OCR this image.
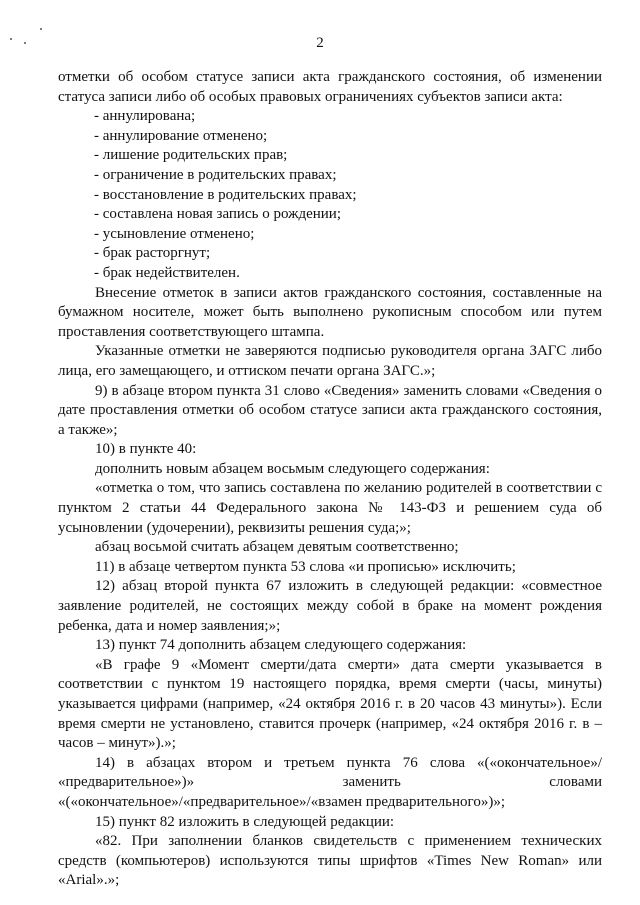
2

отметки об особом статусе записи акта гражданского состояния, об изменении статуса записи либо об особых правовых ограничениях субъектов записи акта:

- аннулирована;

- аннулирование отменено;

- лишение родительских прав;

- ограничение в родительских правах;

- восстановление в родительских правах;

- составлена новая запись о рождении;

- усыновление отменено;

- брак расторгнут;

- брак недействителен.

Внесение отметок в записи актов гражданского состояния, составленные на бумажном носителе, может быть выполнено рукописным способом или путем проставления соответствующего штампа.

Указанные отметки не заверяются подписью руководителя органа ЗАГС либо лица, его замещающего, и оттиском печати органа ЗАГС.»;

9) в абзаце втором пункта 31 слово «Сведения» заменить словами «Сведения о дате проставления отметки об особом статусе записи акта гражданского состояния, а также»;

10) в пункте 40:

дополнить новым абзацем восьмым следующего содержания:

«отметка о том, что запись составлена по желанию родителей в соответствии с пунктом 2 статьи 44 Федерального закона № 143-ФЗ и решением суда об усыновлении (удочерении), реквизиты решения суда;»;

абзац восьмой считать абзацем девятым соответственно;

11) в абзаце четвертом пункта 53 слова «и прописью» исключить;

12) абзац второй пункта 67 изложить в следующей редакции: «совместное заявление родителей, не состоящих между собой в браке на момент рождения ребенка, дата и номер заявления;»;

13) пункт 74 дополнить абзацем следующего содержания:

«В графе 9 «Момент смерти/дата смерти» дата смерти указывается в соответствии с пунктом 19 настоящего порядка, время смерти (часы, минуты) указывается цифрами (например, «24 октября 2016 г. в 20 часов 43 минуты»). Если время смерти не установлено, ставится прочерк (например, «24 октября 2016 г. в – часов – минут»).»;

14) в абзацах втором и третьем пункта 76 слова «(«окончательное»/ «предварительное»)» заменить словами «(«окончательное»/«предварительное»/«взамен предварительного»)»;

15) пункт 82 изложить в следующей редакции:

«82. При заполнении бланков свидетельств с применением технических средств (компьютеров) используются типы шрифтов «Times New Roman» или «Arial».»;
